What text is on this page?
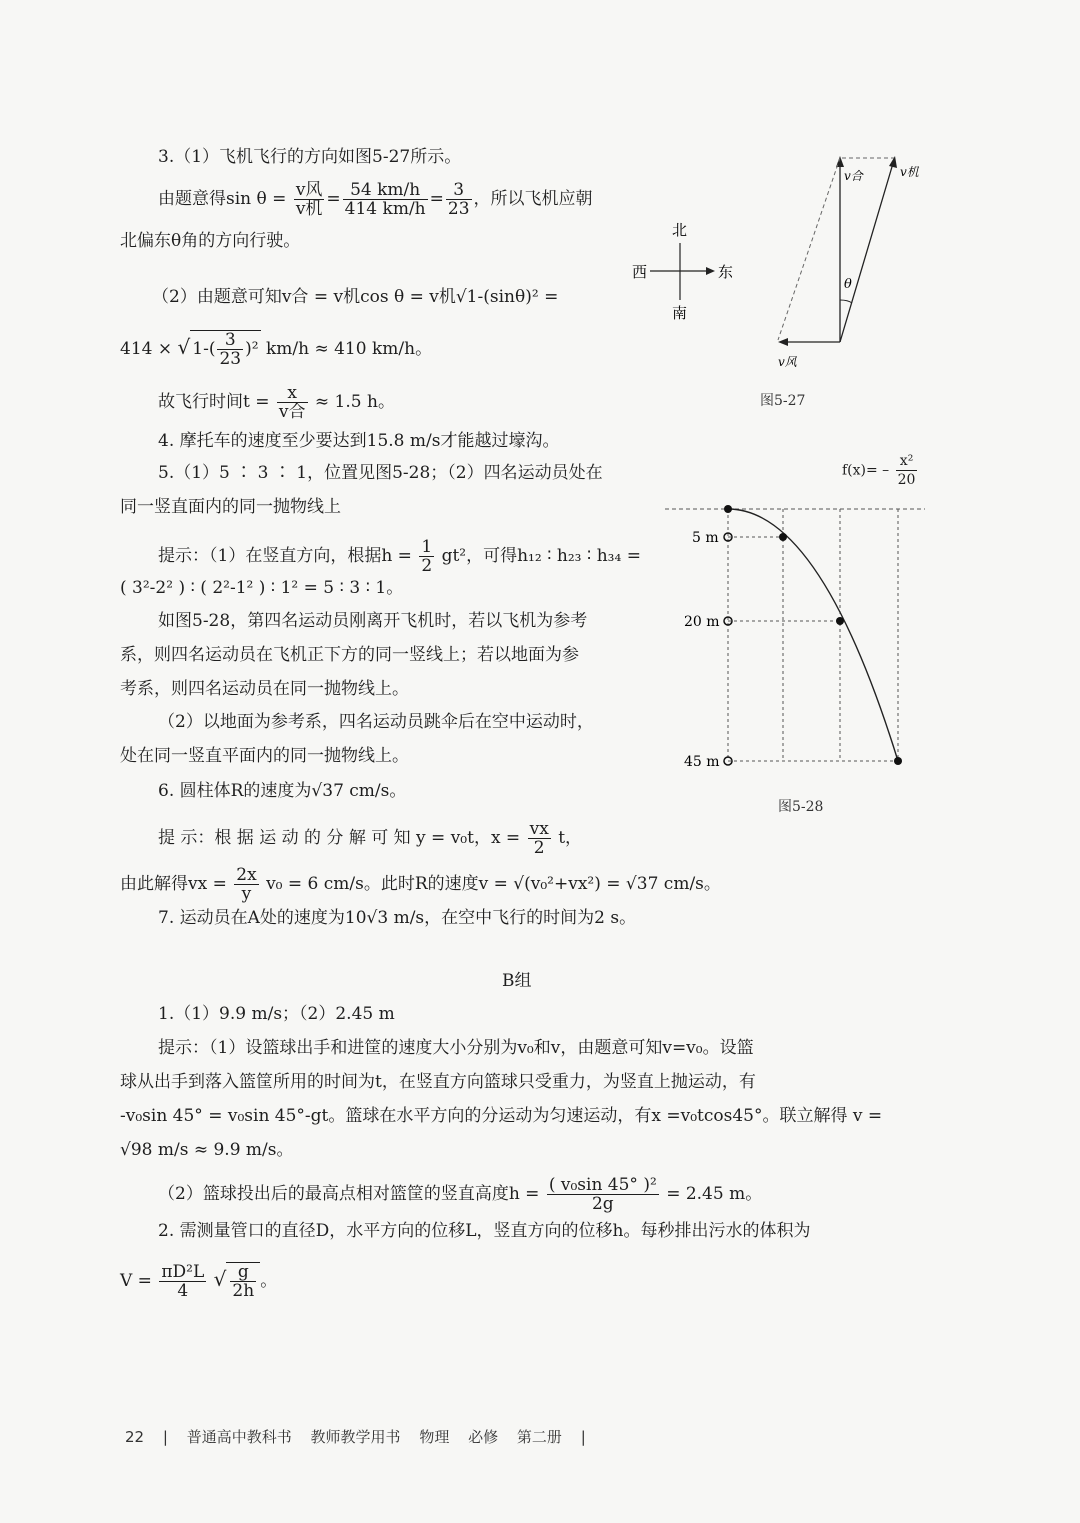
3.（1）飞机飞行的方向如图5-27所示。
由题意得$\sin \theta = \frac{\text{v风}}{\text{v机}} = \frac{54 km/h}{414 km/h} = \frac{3}{23}$ ，所以飞机应朝
北偏东θ角的方向行驶。
（2）由题意可知v合 = v机cos θ = v机√1-(sinθ)² =
414 × √ $1-( \frac{3}{23} )^2$ km/h ≈ 410 km/h。
故飞行时间$t = \frac{x}{\text{v合}} \approx 1.5$ h。
4. 摩托车的速度至少要达到15.8 m/s才能越过壕沟。
5.（1）5 ∶ 3 ∶ 1，位置见图5-28；（2）四名运动员处在
同一竖直面内的同一抛物线上
提示：（1）在竖直方向，根据$h = \frac{1}{2} gt^2$，可得h₁₂ ∶ h₂₃ ∶ h₃₄ =
( 3²-2² ) ∶ ( 2²-1² ) ∶ 1² = 5 ∶ 3 ∶ 1。
如图5-28，第四名运动员刚离开飞机时，若以飞机为参考
系，则四名运动员在飞机正下方的同一竖线上；若以地面为参
考系，则四名运动员在同一抛物线上。
（2）以地面为参考系，四名运动员跳伞后在空中运动时，
处在同一竖直平面内的同一抛物线上。
6. 圆柱体R的速度为√37 cm/s。
提 示：根 据 运 动 的 分 解 可 知 y = v₀t，$x = \frac{vx}{2}$ t，
由此解得vx = $\frac{2x}{y} v_0 = 6$ cm/s。此时R的速度v = √(v₀²+vx²) = √37 cm/s。
7. 运动员在A处的速度为10√3 m/s，在空中飞行的时间为2 s。
B组
1.（1）9.9 m/s；（2）2.45 m
提示：（1）设篮球出手和进筐的速度大小分别为v₀和v，由题意可知v=v₀。设篮
球从出手到落入篮筐所用的时间为t，在竖直方向篮球只受重力，为竖直上抛运动，有
-v₀sin 45° = v₀sin 45°-gt。篮球在水平方向的分运动为匀速运动，有x =v₀tcos45°。联立解得 v =
√98 m/s ≈ 9.9 m/s。
（2）篮球投出后的最高点相对篮筐的竖直高度$h = \frac{\text{( v₀sin 45° )²}}{2g} = 2.45$ m。
2. 需测量管口的直径D，水平方向的位移L，竖直方向的位移h。每秒排出污水的体积为
$V = \frac{\text{πD²L}}{4}$ √ $\frac{g}{2h}$ 。
北
南
西	东
v合	v机
v风
θ
图5-27
$f(x)= - \frac{\text{x²}}{20}$
5 m
20 m
45 m
图5-28
22 | 普通高中教科书 教师教学用书 物理 必修 第二册 |
